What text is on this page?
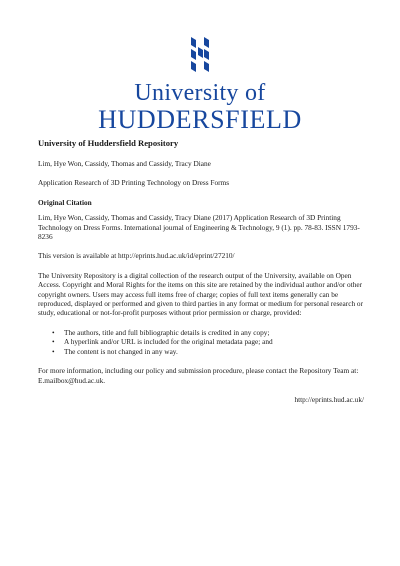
University of
HUDDERSFIELD
University of Huddersfield Repository
Lim, Hye Won, Cassidy, Thomas and Cassidy, Tracy Diane
Application Research of 3D Printing Technology on Dress Forms
Original Citation
Lim, Hye Won, Cassidy, Thomas and Cassidy, Tracy Diane (2017) Application Research of 3D Printing Technology on Dress Forms. International journal of Engineering & Technology, 9 (1). pp. 78-83. ISSN 1793-8236
This version is available at http://eprints.hud.ac.uk/id/eprint/27210/
The University Repository is a digital collection of the research output of the University, available on Open Access. Copyright and Moral Rights for the items on this site are retained by the individual author and/or other copyright owners. Users may access full items free of charge; copies of full text items generally can be reproduced, displayed or performed and given to third parties in any format or medium for personal research or study, educational or not-for-profit purposes without prior permission or charge, provided:
• The authors, title and full bibliographic details is credited in any copy;
• A hyperlink and/or URL is included for the original metadata page; and
• The content is not changed in any way.
For more information, including our policy and submission procedure, please contact the Repository Team at: E.mailbox@hud.ac.uk.
http://eprints.hud.ac.uk/
